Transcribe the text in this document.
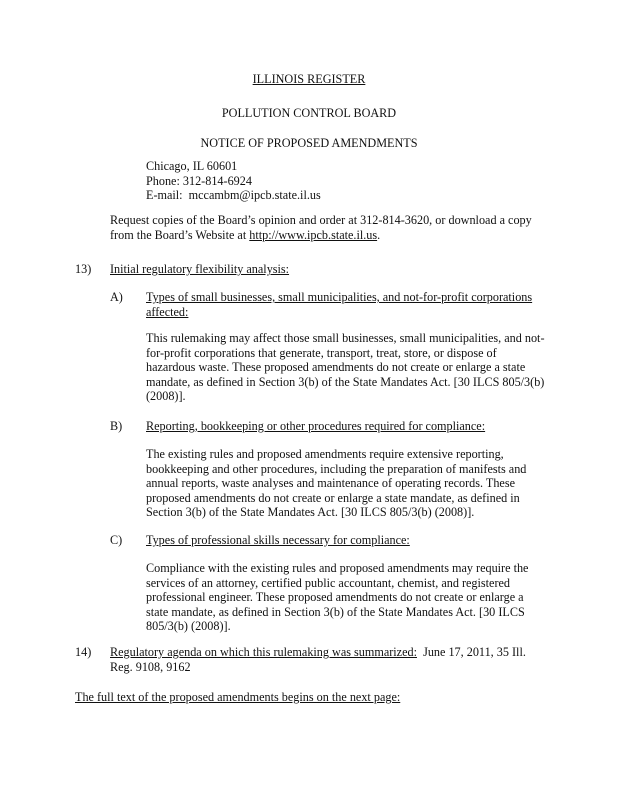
ILLINOIS REGISTER
POLLUTION CONTROL BOARD
NOTICE OF PROPOSED AMENDMENTS
Chicago, IL 60601
Phone: 312-814-6924
E-mail:  mccambm@ipcb.state.il.us
Request copies of the Board’s opinion and order at 312-814-3620, or download a copy
from the Board’s Website at http://www.ipcb.state.il.us.
13) Initial regulatory flexibility analysis:
A) Types of small businesses, small municipalities, and not-for-profit corporations
affected:
This rulemaking may affect those small businesses, small municipalities, and not-
for-profit corporations that generate, transport, treat, store, or dispose of
hazardous waste. These proposed amendments do not create or enlarge a state
mandate, as defined in Section 3(b) of the State Mandates Act. [30 ILCS 805/3(b)
(2008)].
B) Reporting, bookkeeping or other procedures required for compliance:
The existing rules and proposed amendments require extensive reporting,
bookkeeping and other procedures, including the preparation of manifests and
annual reports, waste analyses and maintenance of operating records. These
proposed amendments do not create or enlarge a state mandate, as defined in
Section 3(b) of the State Mandates Act. [30 ILCS 805/3(b) (2008)].
C) Types of professional skills necessary for compliance:
Compliance with the existing rules and proposed amendments may require the
services of an attorney, certified public accountant, chemist, and registered
professional engineer. These proposed amendments do not create or enlarge a
state mandate, as defined in Section 3(b) of the State Mandates Act. [30 ILCS
805/3(b) (2008)].
14) Regulatory agenda on which this rulemaking was summarized:  June 17, 2011, 35 Ill.
Reg. 9108, 9162
The full text of the proposed amendments begins on the next page:
